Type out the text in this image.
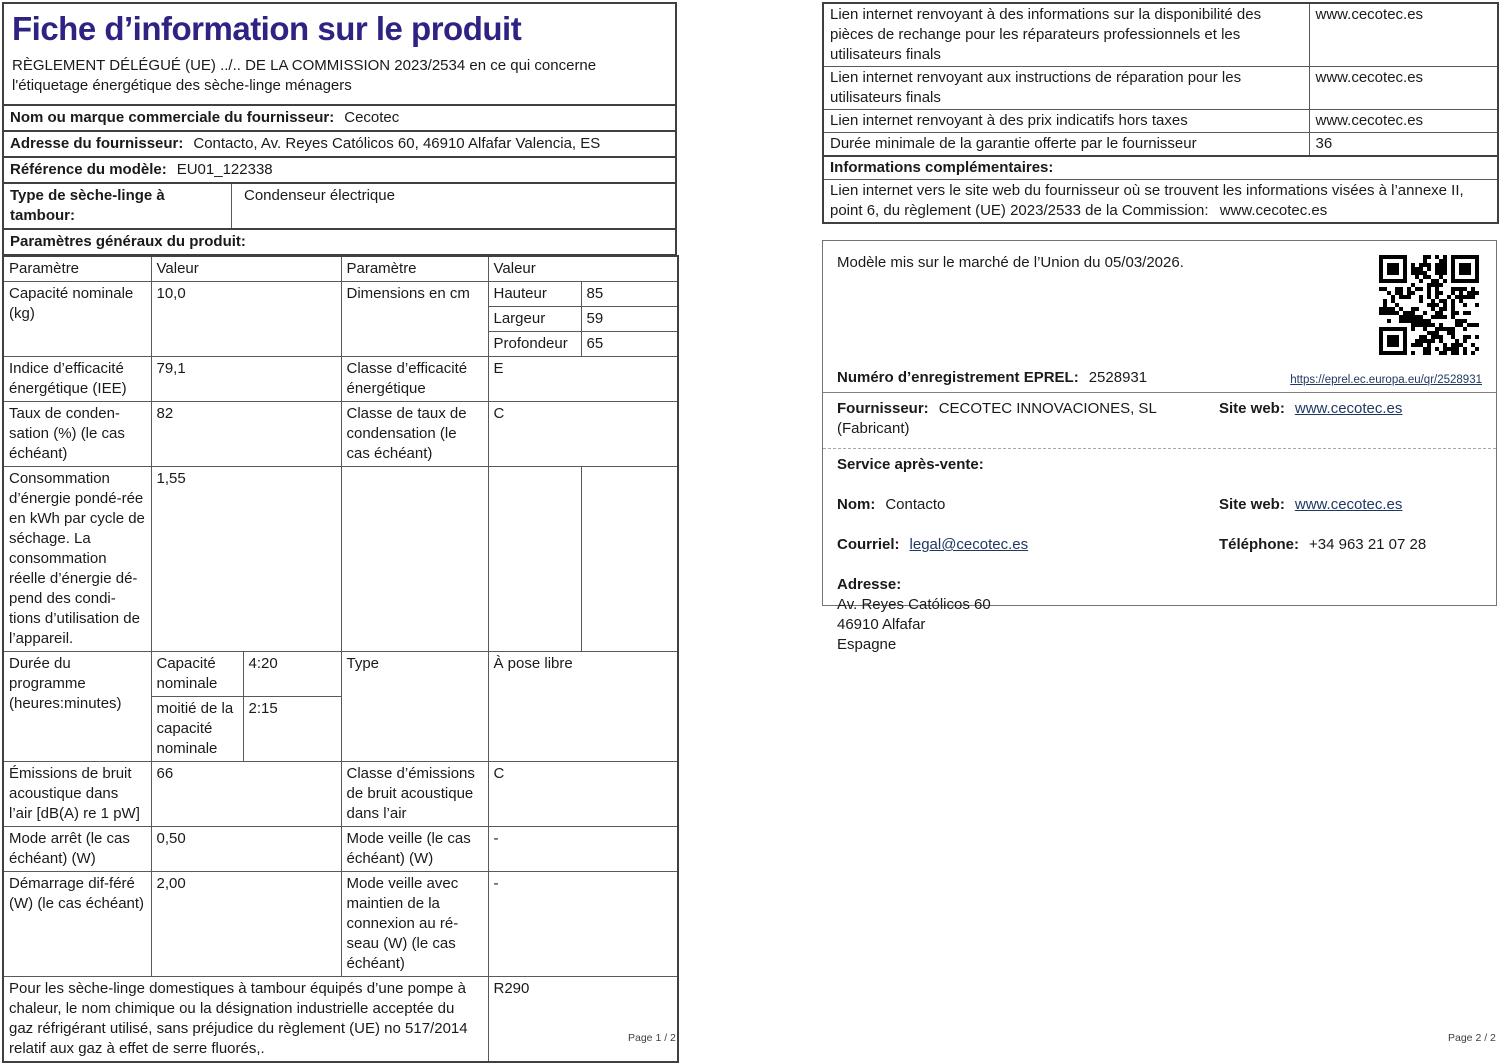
Fiche d’information sur le produit

RÈGLEMENT DÉLÉGUÉ (UE) ../.. DE LA COMMISSION 2023/2534 en ce qui concerne l'étiquetage énergétique des sèche-linge ménagers

Nom ou marque commerciale du fournisseur: Cecotec
Adresse du fournisseur: Contacto, Av. Reyes Católicos 60, 46910 Alfafar Valencia, ES
Référence du modèle: EU01_122338
Type de sèche-linge à tambour:
Condenseur électrique
Paramètres généraux du produit:
Paramètre	Valeur		Paramètre	Valeur	
Capacité nominale (kg)	10,0		Dimensions en cm	Hauteur	85
				Largeur	59
				Profondeur	65
Indice d’efficacité énergétique (IEE)	79,1		Classe d’efficacité énergétique	E	
Taux de conden-sation (%) (le cas échéant)	82		Classe de taux de condensation (le cas échéant)	C	
Consommation d’énergie pondé-rée en kWh par cycle de séchage. La consommation réelle d’énergie dé-pend des condi-tions d’utilisation de l’appareil.	1,55				
Durée du programme (heures:minutes)	Capacité nominale	4:20	Type	À pose libre	
	moitié de la capacité nominale	2:15			
Émissions de bruit acoustique dans l’air [dB(A) re 1 pW]	66		Classe d’émissions de bruit acoustique dans l’air	C	
Mode arrêt (le cas échéant) (W)	0,50		Mode veille (le cas échéant) (W)	-	
Démarrage dif-féré (W) (le cas échéant)	2,00		Mode veille avec maintien de la connexion au ré-seau (W) (le cas échéant)	-	
Pour les sèche-linge domestiques à tambour équipés d’une pompe à chaleur, le nom chimique ou la désignation industrielle acceptée du gaz réfrigérant utilisé, sans préjudice du règlement (UE) no 517/2014 relatif aux gaz à effet de serre fluorés,.				R290	
Lien internet renvoyant à des informations sur la disponibilité des pièces de rechange pour les réparateurs professionnels et les utilisateurs finals	www.cecotec.es
Lien internet renvoyant aux instructions de réparation pour les utilisateurs finals	www.cecotec.es
Lien internet renvoyant à des prix indicatifs hors taxes	www.cecotec.es
Durée minimale de la garantie offerte par le fournisseur	36
Informations complémentaires:	
Lien internet vers le site web du fournisseur où se trouvent les informations visées à l’annexe II, point 6, du règlement (UE) 2023/2533 de la Commission: www.cecotec.es	
Modèle mis sur le marché de l’Union du 05/03/2026.
Numéro d’enregistrement EPREL: 2528931	https://eprel.ec.europa.eu/qr/2528931
Fournisseur: CECOTEC INNOVACIONES, SL (Fabricant)
Site web: www.cecotec.es
Service après-vente:
Nom: Contacto	Site web: www.cecotec.es
Courriel: legal@cecotec.es	Téléphone: +34 963 21 07 28
Adresse:
Av. Reyes Católicos 60
46910 Alfafar
Espagne
Page 1 / 2	Page 2 / 2
